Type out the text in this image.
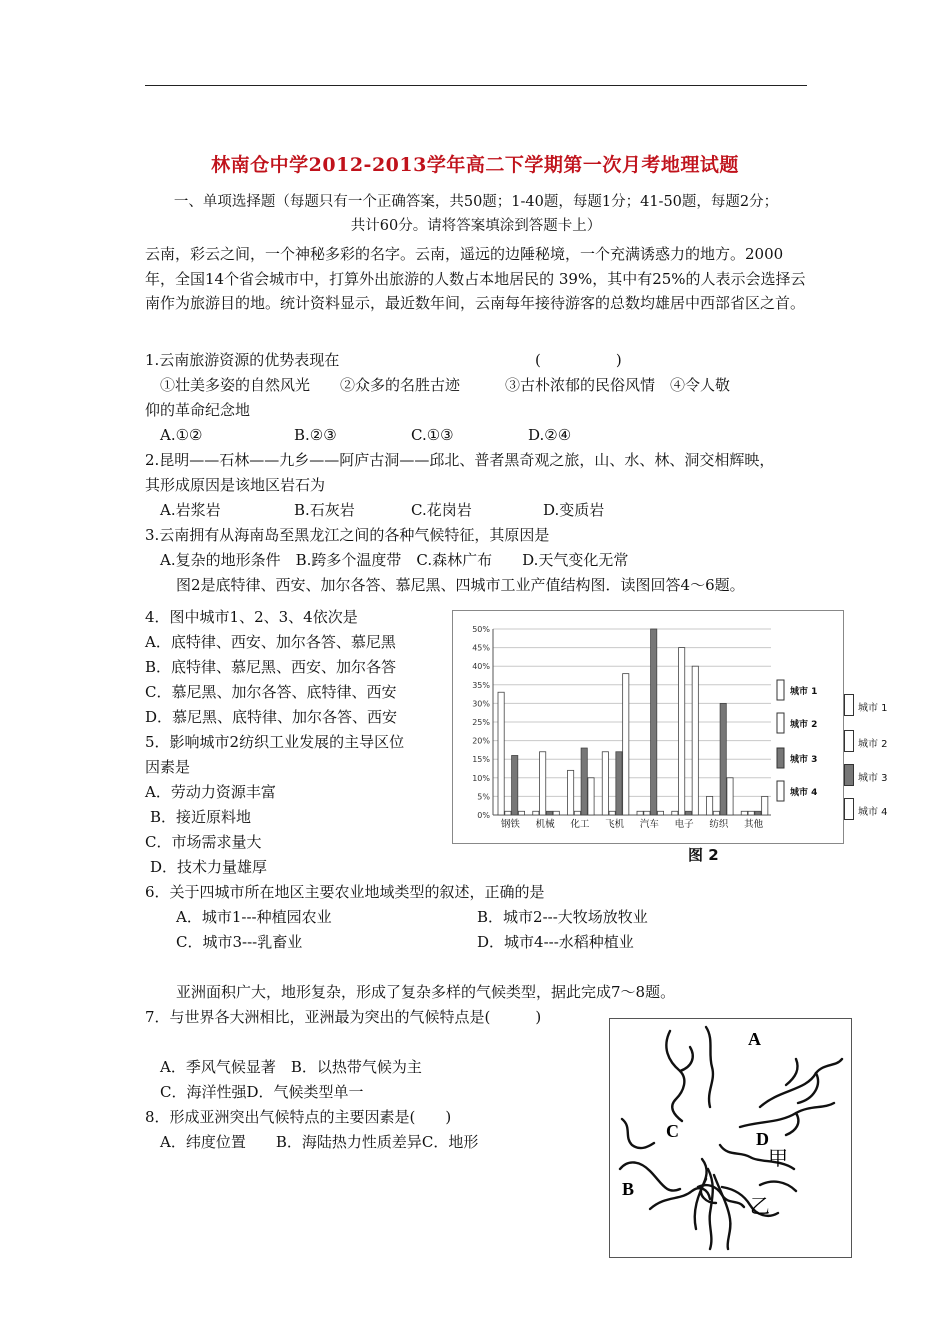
林南仓中学2012-2013学年高二下学期第一次月考地理试题
一、单项选择题（每题只有一个正确答案，共50题；1-40题，每题1分；41-50题，每题2分；
共计60分。请将答案填涂到答题卡上）
云南，彩云之间，一个神秘多彩的名字。云南，遥远的边陲秘境，一个充满诱惑力的地方。2000年，全国14个省会城市中，打算外出旅游的人数占本地居民的 39%，其中有25%的人表示会选择云南作为旅游目的地。统计资料显示，最近数年间，云南每年接待游客的总数均雄居中西部省区之首。
1.云南旅游资源的优势表现在	(　　　　　)
①壮美多姿的自然风光　　②众多的名胜古迹　　　③古朴浓郁的民俗风情　④令人敬
仰的革命纪念地
A.①②	B.②③	C.①③	D.②④
2.昆明——石林——九乡——阿庐古洞——邱北、普者黑奇观之旅，山、水、林、洞交相辉映，
其形成原因是该地区岩石为
A.岩浆岩	B.石灰岩	C.花岗岩	D.变质岩
3.云南拥有从海南岛至黑龙江之间的各种气候特征，其原因是
A.复杂的地形条件　B.跨多个温度带　C.森林广布　　D.天气变化无常
图2是底特律、西安、加尔各答、慕尼黑、四城市工业产值结构图．读图回答4～6题。
4．图中城市1、2、3、4依次是
A．底特律、西安、加尔各答、慕尼黑
B．底特律、慕尼黑、西安、加尔各答
C．慕尼黑、加尔各答、底特律、西安
D．慕尼黑、底特律、加尔各答、西安
5．影响城市2纺织工业发展的主导区位
因素是
A．劳动力资源丰富
B．接近原料地
C．市场需求量大
D．技术力量雄厚
0%
5%
10%
15%
20%
25%
30%
35%
40%
45%
50%
钢铁 机械 化工 飞机 汽车 电子 纺织 其他
城市 1
城市 2
城市 3
城市 4
图 2
城市 1
城市 2
城市 3
城市 4
6．关于四城市所在地区主要农业地域类型的叙述，正确的是
A．城市1---种植园农业	B．城市2---大牧场放牧业
C．城市3---乳畜业	D．城市4---水稻种植业
亚洲面积广大，地形复杂，形成了复杂多样的气候类型，据此完成7～8题。
7．与世界各大洲相比，亚洲最为突出的气候特点是(　　　)
A．季风气候显著　B．以热带气候为主
C．海洋性强D．气候类型单一
8．形成亚洲突出气候特点的主要因素是(　　)
A．纬度位置　　B．海陆热力性质差异C．地形
A
B
C	D
甲
乙
